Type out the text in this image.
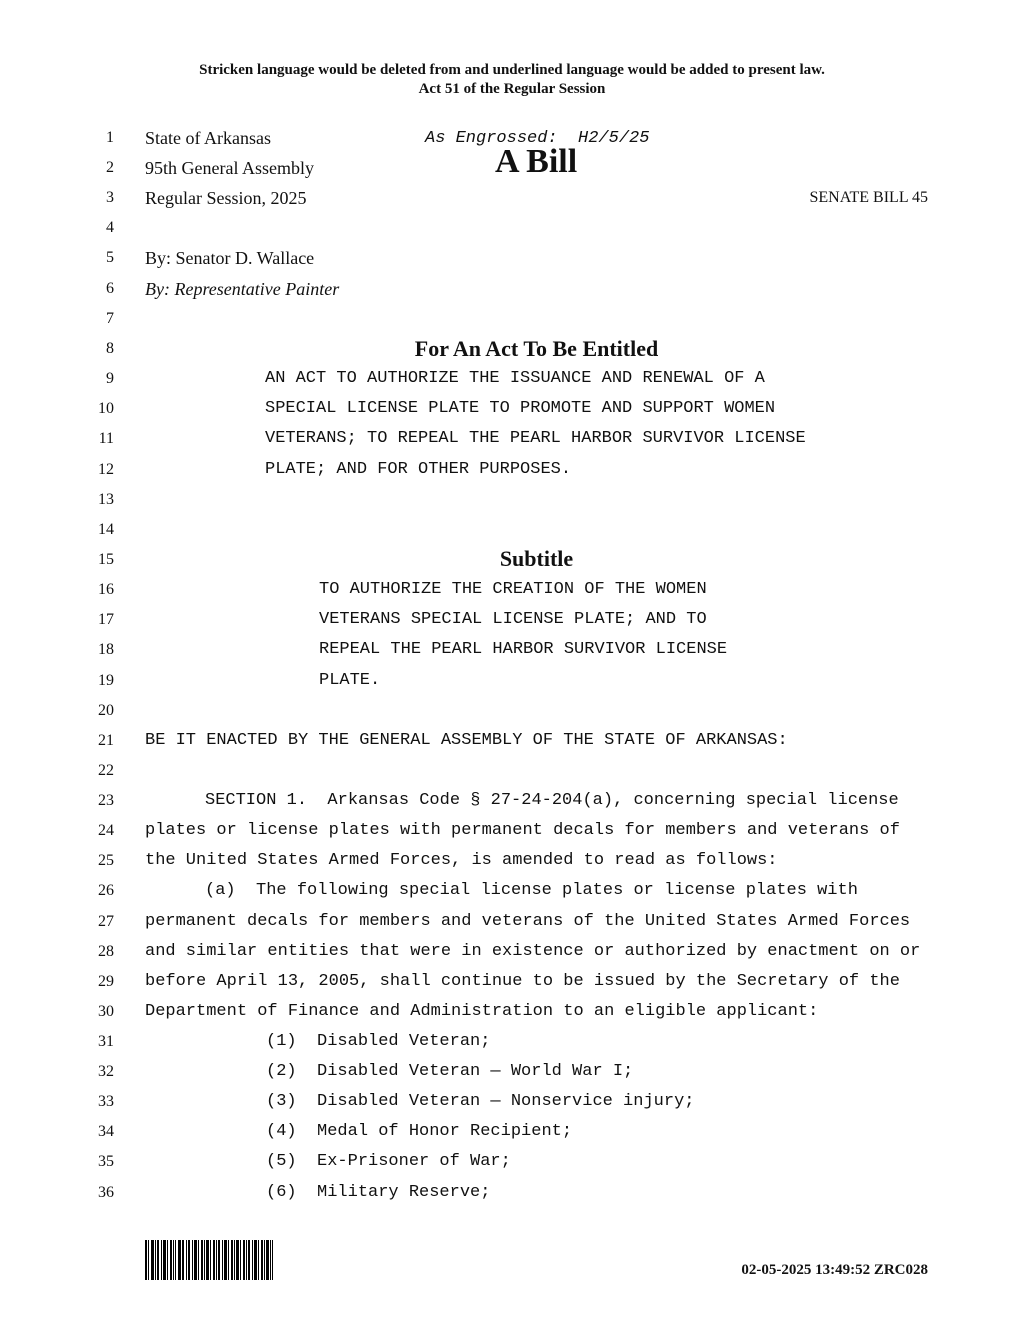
Stricken language would be deleted from and underlined language would be added to present law.
Act 51 of the Regular Session
1
2
3
4
5
6
7
8
9
10
11
12
13
14
15
16
17
18
19
20
21
22
23
24
25
26
27
28
29
30
31
32
33
34
35
36
State of Arkansas	As Engrossed:  H2/5/25
95th General Assembly	A Bill
Regular Session, 2025	SENATE BILL 45
By: Senator D. Wallace
By: Representative Painter
For An Act To Be Entitled
AN ACT TO AUTHORIZE THE ISSUANCE AND RENEWAL OF A
SPECIAL LICENSE PLATE TO PROMOTE AND SUPPORT WOMEN
VETERANS; TO REPEAL THE PEARL HARBOR SURVIVOR LICENSE
PLATE; AND FOR OTHER PURPOSES.
Subtitle
TO AUTHORIZE THE CREATION OF THE WOMEN
VETERANS SPECIAL LICENSE PLATE; AND TO
REPEAL THE PEARL HARBOR SURVIVOR LICENSE
PLATE.
BE IT ENACTED BY THE GENERAL ASSEMBLY OF THE STATE OF ARKANSAS:
SECTION 1.  Arkansas Code § 27-24-204(a), concerning special license
plates or license plates with permanent decals for members and veterans of
the United States Armed Forces, is amended to read as follows:
(a)  The following special license plates or license plates with
permanent decals for members and veterans of the United States Armed Forces
and similar entities that were in existence or authorized by enactment on or
before April 13, 2005, shall continue to be issued by the Secretary of the
Department of Finance and Administration to an eligible applicant:
(1)  Disabled Veteran;
(2)  Disabled Veteran — World War I;
(3)  Disabled Veteran — Nonservice injury;
(4)  Medal of Honor Recipient;
(5)  Ex-Prisoner of War;
(6)  Military Reserve;
02-05-2025 13:49:52 ZRC028
